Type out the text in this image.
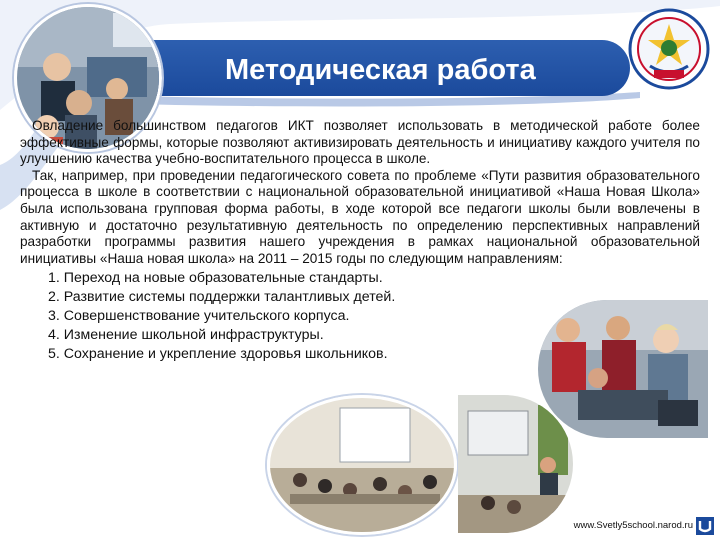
Методическая работа

Овладение большинством педагогов ИКТ позволяет использовать в методической работе более эффективные формы, которые позволяют активизировать деятельность и инициативу каждого учителя по улучшению качества учебно-воспитательного процесса в школе.

Так, например, при проведении педагогического совета по проблеме «Пути развития образовательного процесса в школе в соответствии с национальной образовательной инициативой «Наша Новая Школа» была использована групповая форма работы, в ходе которой все педагоги школы были вовлечены в активную и достаточно результативную деятельность по определению перспективных направлений разработки программы развития нашего учреждения в рамках национальной образовательной инициативы «Наша новая школа» на 2011 – 2015 годы по следующим направлениям:

1. Переход на новые образовательные стандарты.
2. Развитие системы поддержки талантливых детей.
3. Совершенствование учительского корпуса.
4. Изменение школьной инфраструктуры.
5. Сохранение и укрепление здоровья школьников.
www.Svetly5school.narod.ru
